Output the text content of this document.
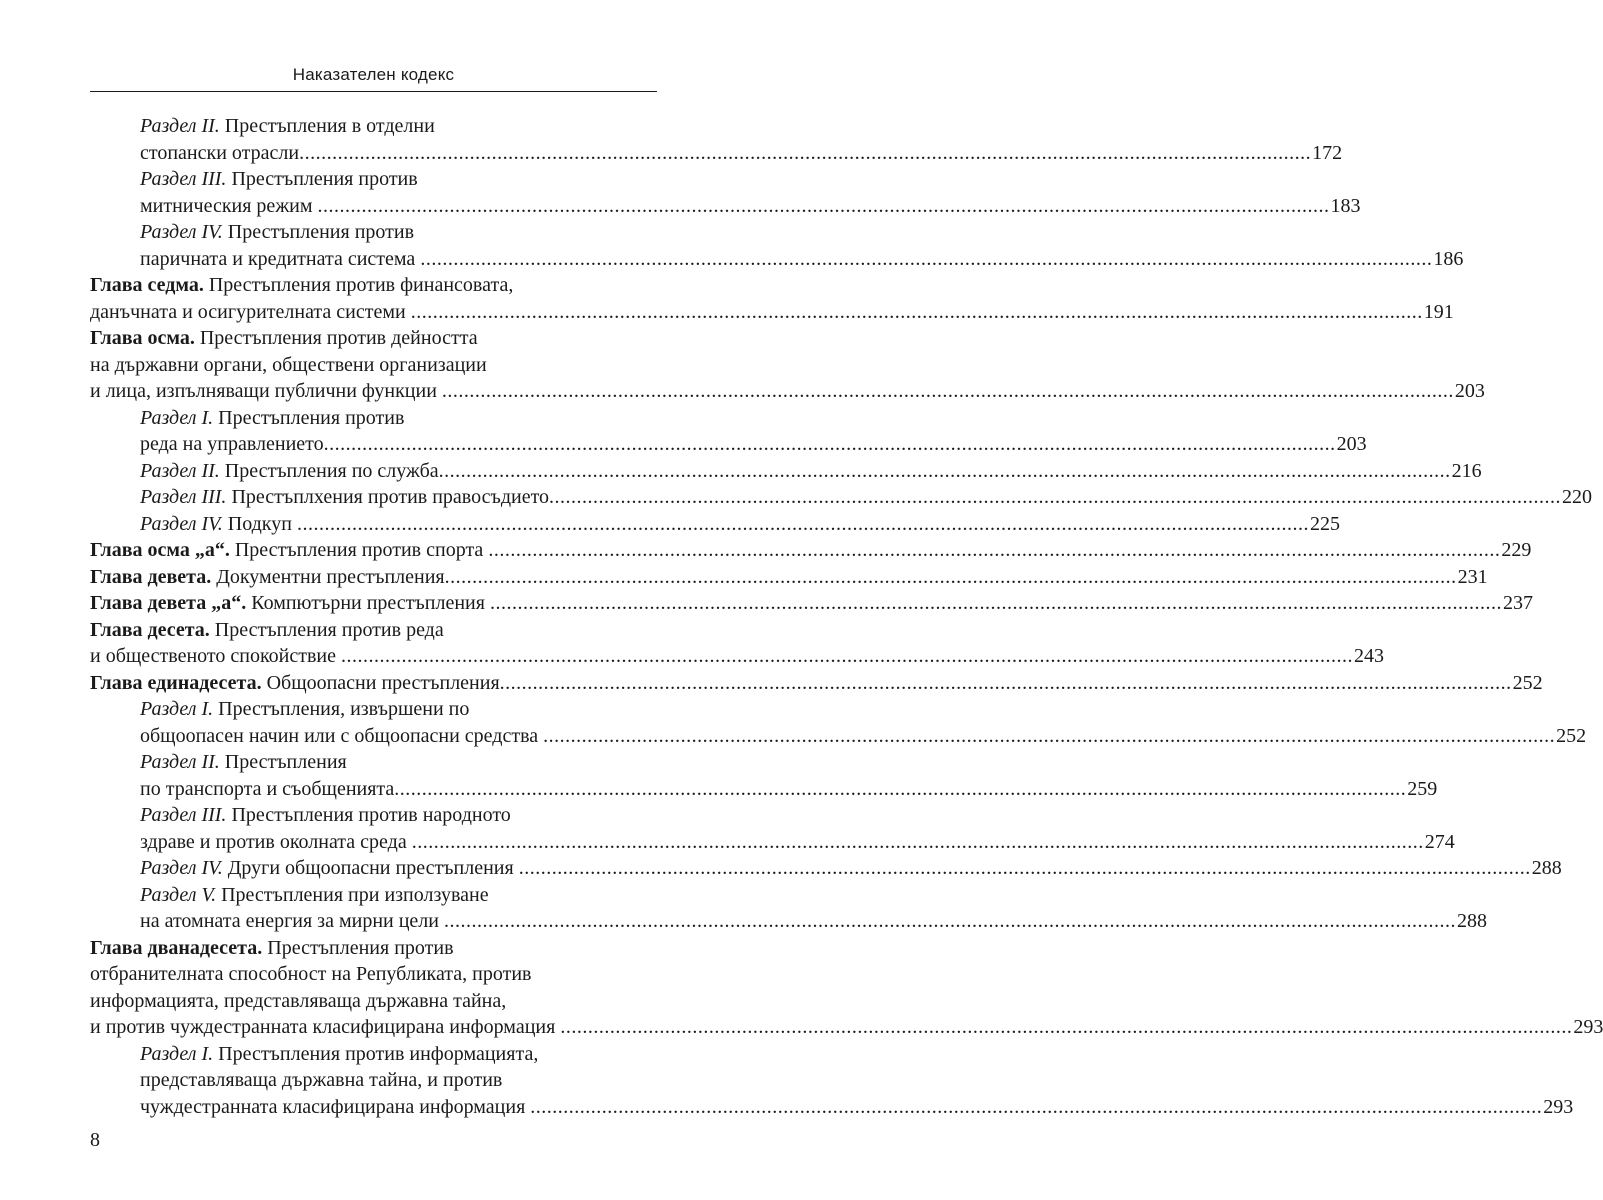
Наказателен кодекс
Раздел II. Престъпления в отделни
стопански отрасли .....	172
Раздел III. Престъпления против
митническия режим .....	183
Раздел IV. Престъпления против
паричната и кредитната система .....	186
Глава седма. Престъпления против финансовата,
данъчната и осигурителната системи .....	191
Глава осма. Престъпления против дейността
на държавни органи, обществени организации
и лица, изпълняващи публични функции .....	203
Раздел I. Престъпления против
реда на управлението .....	203
Раздел II. Престъпления по служба .....	216
Раздел III. Престъплхения против правосъдието .....	220
Раздел IV. Подкуп .....	225
Глава осма „а“. Престъпления против спорта .....	229
Глава девета. Документни престъпления .....	231
Глава девета „а“. Компютърни престъпления .....	237
Глава десета. Престъпления против реда
и общественото спокойствие .....	243
Глава единадесета. Общоопасни престъпления .....	252
Раздел I. Престъпления, извършени по
общоопасен начин или с общоопасни средства .....	252
Раздел II. Престъпления
по транспорта и съобщенията .....	259
Раздел III. Престъпления против народното
здраве и против околната среда .....	274
Раздел IV. Други общоопасни престъпления .....	288
Раздел V. Престъпления при използуване
на атомната енергия за мирни цели .....	288
Глава дванадесета. Престъпления против
отбранителната способност на Републиката, против
информацията, представляваща държавна тайна,
и против чуждестранната класифицирана информация .....	293
Раздел I. Престъпления против информацията,
представляваща държавна тайна, и против
чуждестранната класифицирана информация .....	293
8
